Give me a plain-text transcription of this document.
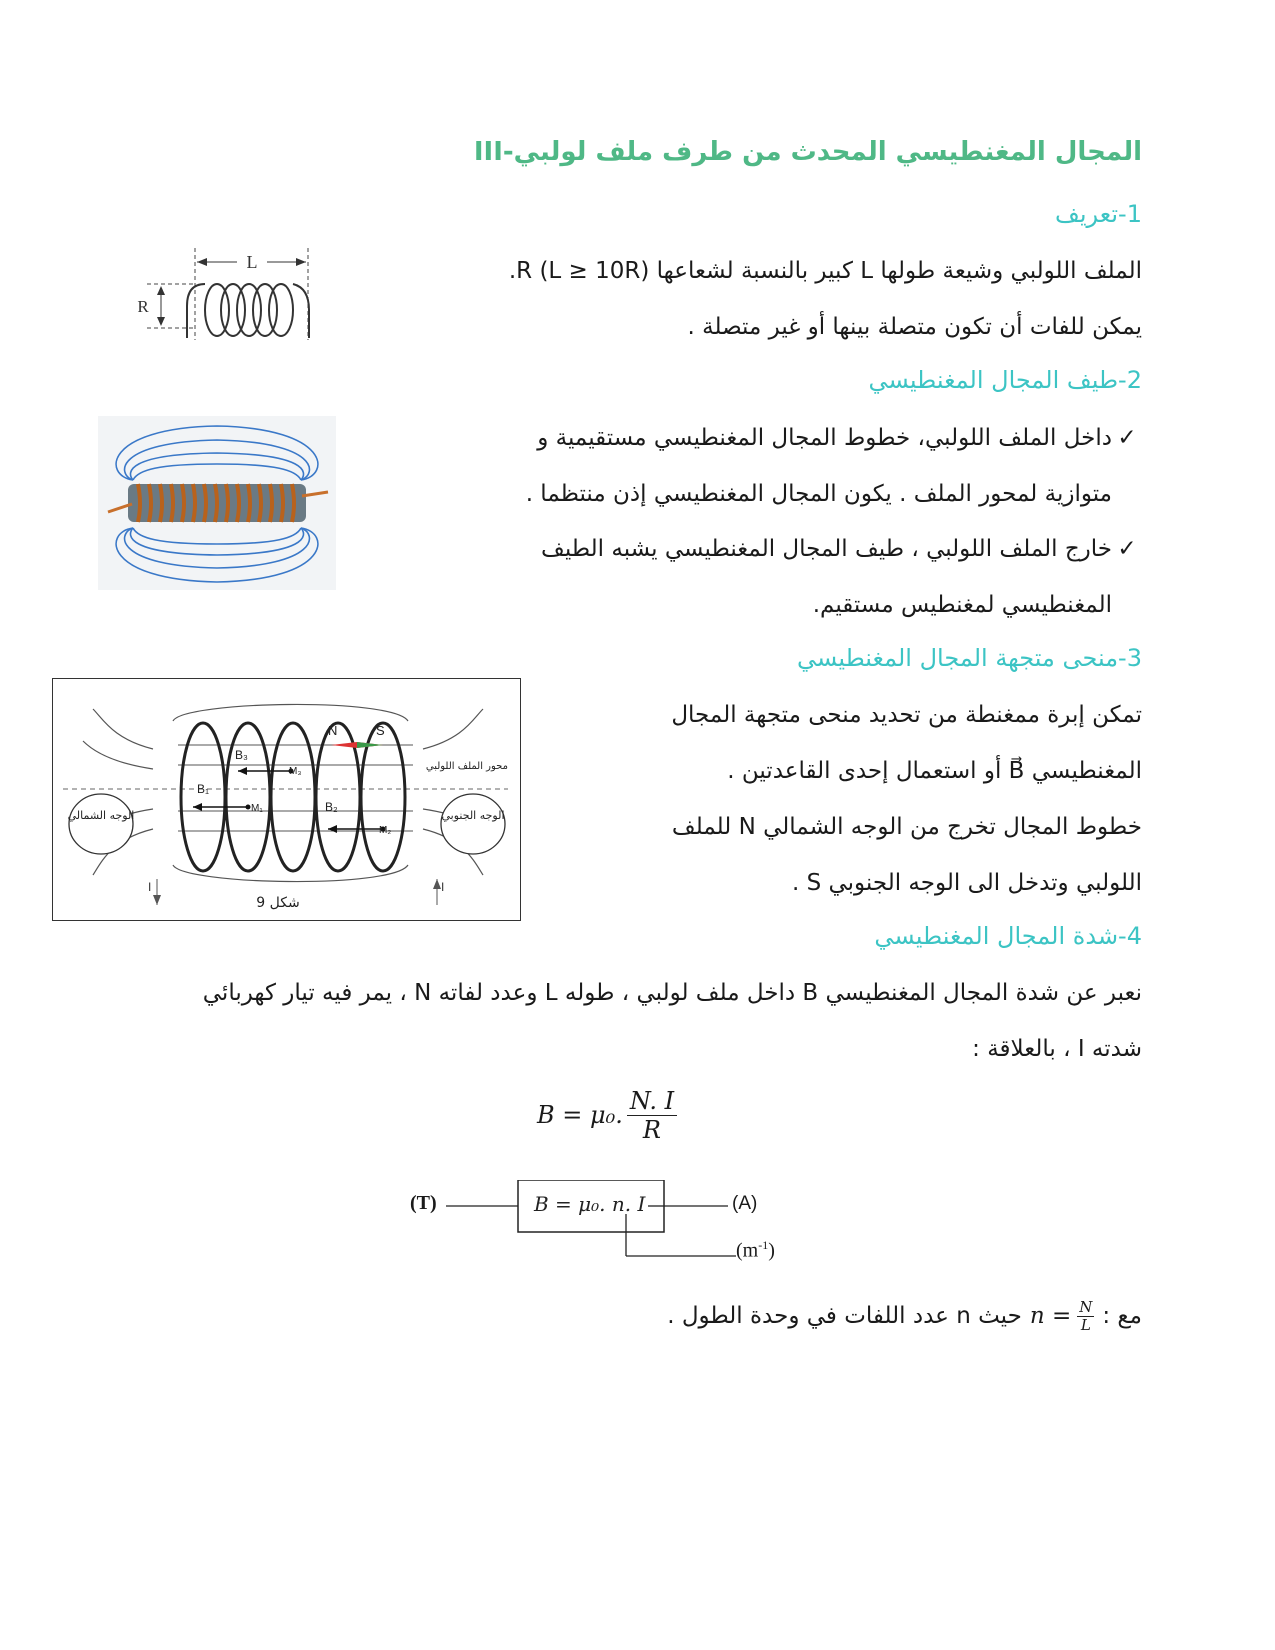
III-المجال المغنطيسي المحدث من طرف ملف لولبي
1-تعريف
الملف اللولبي وشيعة طولها L كبير بالنسبة لشعاعها R ‎(L ≥ 10R)‎.
يمكن للفات أن تكون متصلة بينها أو غير متصلة .
L
R
2-طيف المجال المغنطيسي
✓داخل الملف اللولبي، خطوط المجال المغنطيسي مستقيمية و
متوازية لمحور الملف . يكون المجال المغنطيسي إذن منتظما .
✓خارج الملف اللولبي ، طيف المجال المغنطيسي يشبه الطيف
المغنطيسي لمغنطيس مستقيم.
3-منحى متجهة المجال المغنطيسي
تمكن إبرة ممغنطة من تحديد منحى متجهة المجال
المغنطيسي B⃗ أو استعمال إحدى القاعدتين .
خطوط المجال تخرج من الوجه الشمالي N للملف
اللولبي وتدخل الى الوجه الجنوبي S .
I	I
N	S
B₃
M₃
B₁
M₁	B₂
M₂
الوجه الشمالي	الوجه الجنوبي
محور الملف اللولبي
شكل 9
4-شدة المجال المغنطيسي
نعبر عن شدة المجال المغنطيسي B داخل ملف لولبي ، طوله L وعدد لفاته N ، يمر فيه تيار كهربائي
شدته I ، بالعلاقة :
B = μ₀. $\frac{N. I}{R}$
(T)	B = μ₀. n. I	(A)
$(m^{-1})$
مع :
$n = \frac{N}{L}$
حيث n عدد اللفات في وحدة الطول .
